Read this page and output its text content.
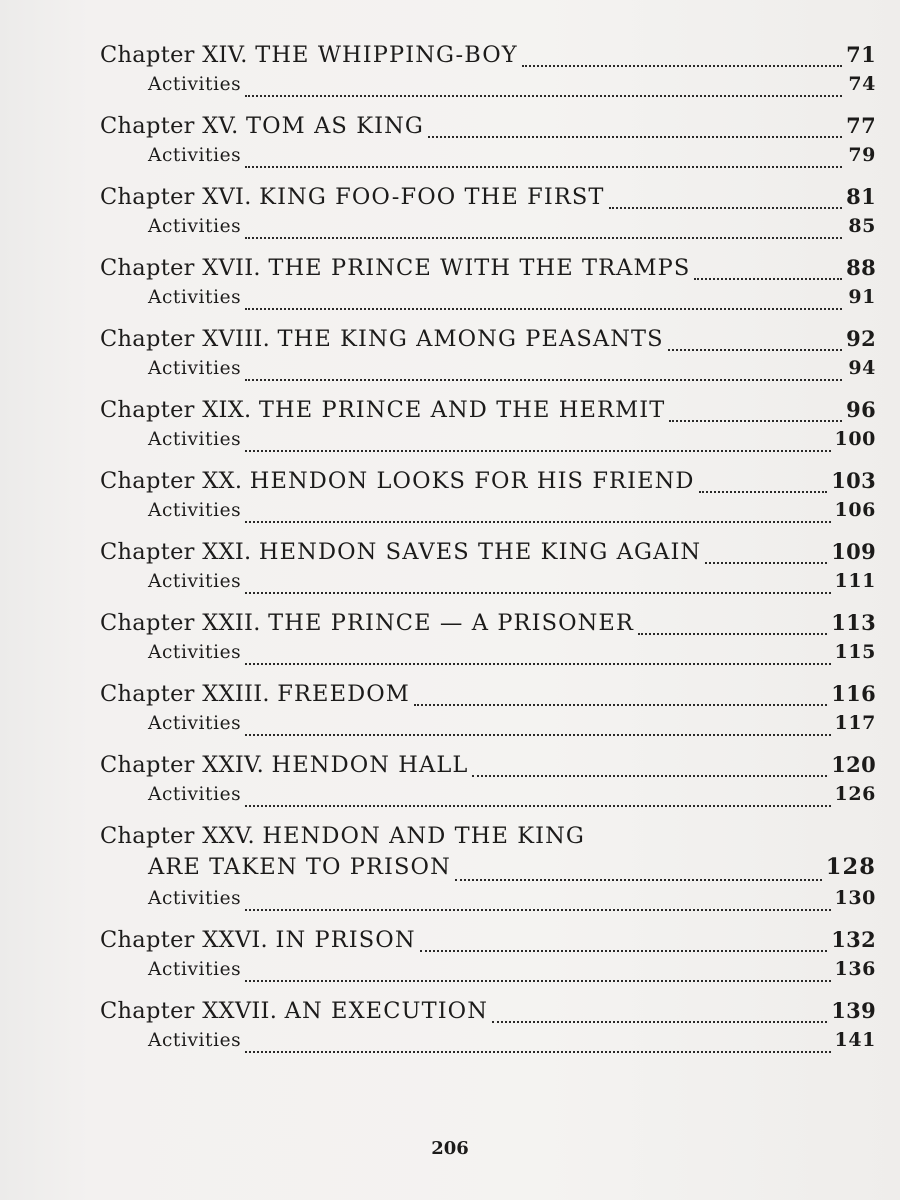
Chapter XIV. THE WHIPPING-BOY	71
Activities	74
Chapter XV. TOM AS KING	77
Activities	79
Chapter XVI. KING FOO-FOO THE FIRST	81
Activities	85
Chapter XVII. THE PRINCE WITH THE TRAMPS	88
Activities	91
Chapter XVIII. THE KING AMONG PEASANTS	92
Activities	94
Chapter XIX. THE PRINCE AND THE HERMIT	96
Activities	100
Chapter XX. HENDON LOOKS FOR HIS FRIEND	103
Activities	106
Chapter XXI. HENDON SAVES THE KING AGAIN	109
Activities	111
Chapter XXII. THE PRINCE — A PRISONER	113
Activities	115
Chapter XXIII. FREEDOM	116
Activities	117
Chapter XXIV. HENDON HALL	120
Activities	126
Chapter XXV. HENDON AND THE KING
ARE TAKEN TO PRISON	128
Activities	130
Chapter XXVI. IN PRISON	132
Activities	136
Chapter XXVII. AN EXECUTION	139
Activities	141
206
